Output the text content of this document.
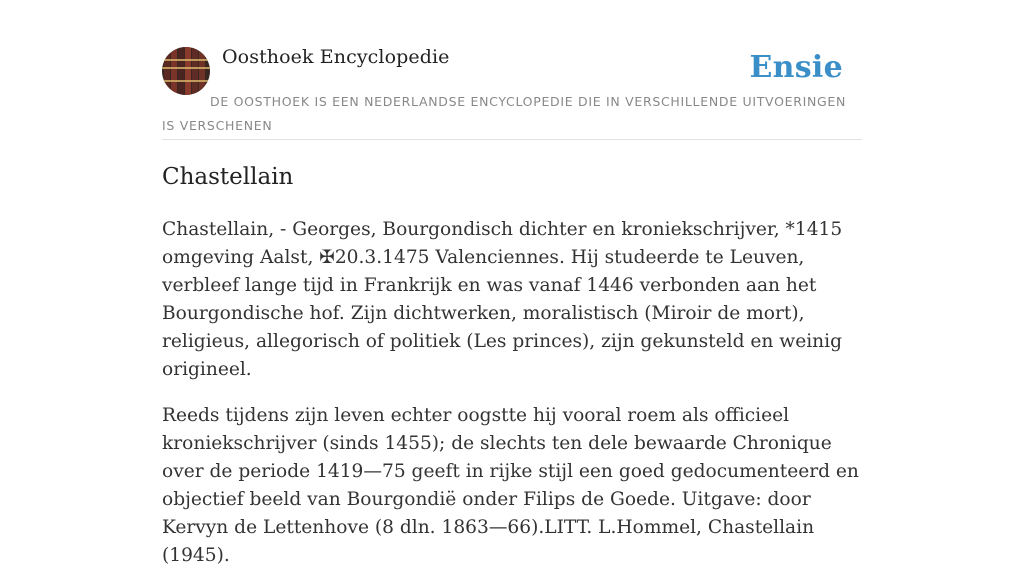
Oosthoek Encyclopedie	Ensie
DE OOSTHOEK IS EEN NEDERLANDSE ENCYCLOPEDIE DIE IN VERSCHILLENDE UITVOERINGEN IS VERSCHENEN
Chastellain

Chastellain, - Georges, Bourgondisch dichter en kroniekschrijver, *1415 omgeving Aalst, ✠20.3.1475 Valenciennes. Hij studeerde te Leuven, verbleef lange tijd in Frankrijk en was vanaf 1446 verbonden aan het Bourgondische hof. Zijn dichtwerken, moralistisch (Miroir de mort), religieus, allegorisch of politiek (Les princes), zijn gekunsteld en weinig origineel.

Reeds tijdens zijn leven echter oogstte hij vooral roem als officieel kroniekschrijver (sinds 1455); de slechts ten dele bewaarde Chronique over de periode 1419—75 geeft in rijke stijl een goed gedocumenteerd en objectief beeld van Bourgondië onder Filips de Goede. Uitgave: door Kervyn de Lettenhove (8 dln. 1863—66).LITT. L.Hommel, Chastellain (1945).
